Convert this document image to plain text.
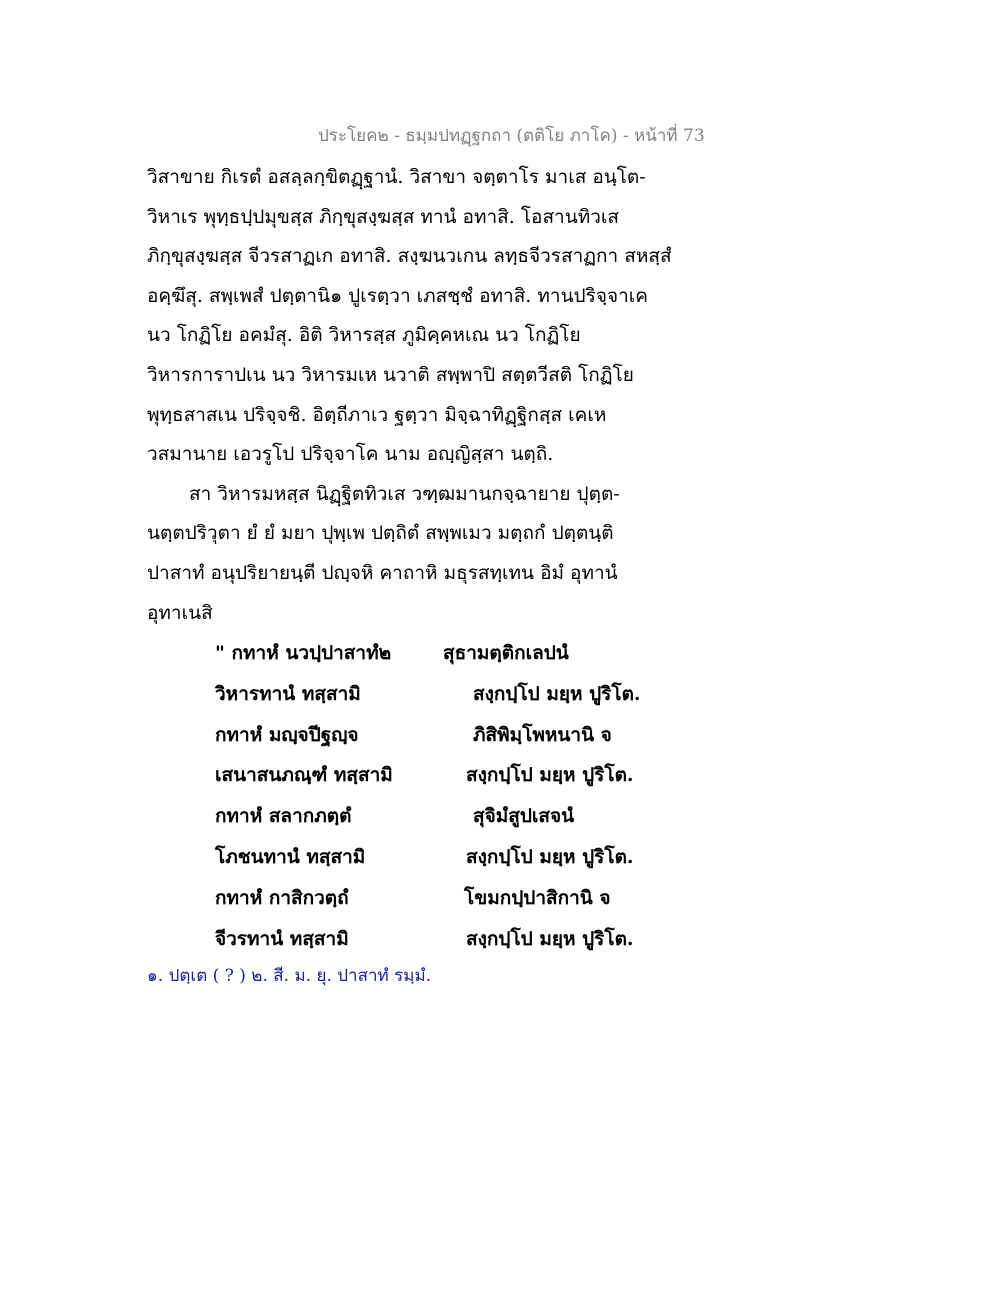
ประโยค๒ - ธมฺมปทฏฺฐกถา (ตติโย ภาโค) - หน้าที่ 73
วิสาขาย กิเรตํ อสลฺลกฺขิตฏฺฐานํ. วิสาขา จตฺตาโร มาเส อนฺโต-
วิหาเร พุทฺธปฺปมุขสฺส ภิกฺขุสงฺฆสฺส ทานํ อทาสิ. โอสานทิวเส
ภิกฺขุสงฺฆสฺส จีวรสาฏเก อทาสิ. สงฺฆนวเกน ลทฺธจีวรสาฏกา สหสฺสํ
อคฺฆึสุ. สพฺเพสํ ปตฺตานิ๑ ปูเรตฺวา เภสชฺชํ อทาสิ. ทานปริจฺจาเค
นว โกฏิโย อคมํสุ. อิติ วิหารสฺส ภูมิคฺคหเณ นว โกฏิโย
วิหารการาปเน นว วิหารมเห นวาติ สพฺพาปิ สตฺตวีสติ โกฏิโย
พุทฺธสาสเน ปริจฺจชิ. อิตฺถีภาเว ฐตฺวา มิจฺฉาทิฏฺฐิกสฺส เคเห
วสมานาย เอวรูโป ปริจฺจาโค นาม อญฺญิสฺสา นตฺถิ.
สา วิหารมหสฺส นิฏฺฐิตทิวเส วฑฺฒมานกจฺฉายาย ปุตฺต-
นตฺตปริวุตา ยํ ยํ มยา ปุพฺเพ ปตฺถิตํ สพฺพเมว มตฺถกํ ปตฺตนฺติ
ปาสาทํ อนุปริยายนฺตี ปญฺจหิ คาถาหิ มธุรสทฺเทน อิมํ อุทานํ
อุทาเนสิ
" กทาหํ นวปฺปาสาทํ๒	สุธามตฺติกเลปนํ
วิหารทานํ ทสฺสามิ	สงฺกปฺโป มยฺห ปูริโต.
กทาหํ มญฺจปีฐญฺจ	ภิสิพิมฺโพหนานิ จ
เสนาสนภณฺฑํ ทสฺสามิ	สงฺกปฺโป มยฺห ปูริโต.
กทาหํ สลากภตฺตํ	สุจิมํสูปเสจนํ
โภชนทานํ ทสฺสามิ	สงฺกปฺโป มยฺห ปูริโต.
กทาหํ กาสิกวตฺถํ	โขมกปฺปาสิกานิ จ
จีวรทานํ ทสฺสามิ	สงฺกปฺโป มยฺห ปูริโต.
๑. ปตฺเต ( ? ) ๒. สี. ม. ยุ. ปาสาทํ รมฺมํ.
